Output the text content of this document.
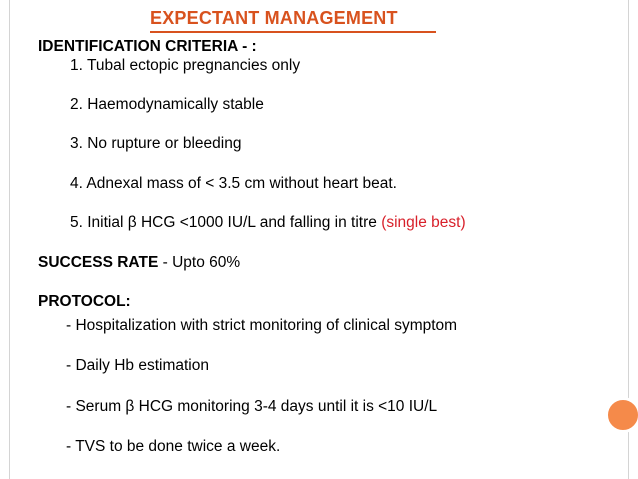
EXPECTANT MANAGEMENT
IDENTIFICATION CRITERIA - :
1. Tubal ectopic pregnancies only
2. Haemodynamically stable
3. No rupture or bleeding
4. Adnexal mass of < 3.5 cm without heart beat.
5. Initial β HCG <1000 IU/L and falling in titre (single best)
SUCCESS RATE - Upto 60%
PROTOCOL:
- Hospitalization with strict monitoring of clinical symptom
- Daily Hb estimation
- Serum β HCG monitoring 3-4 days until it is <10 IU/L
- TVS to be done twice a week.
